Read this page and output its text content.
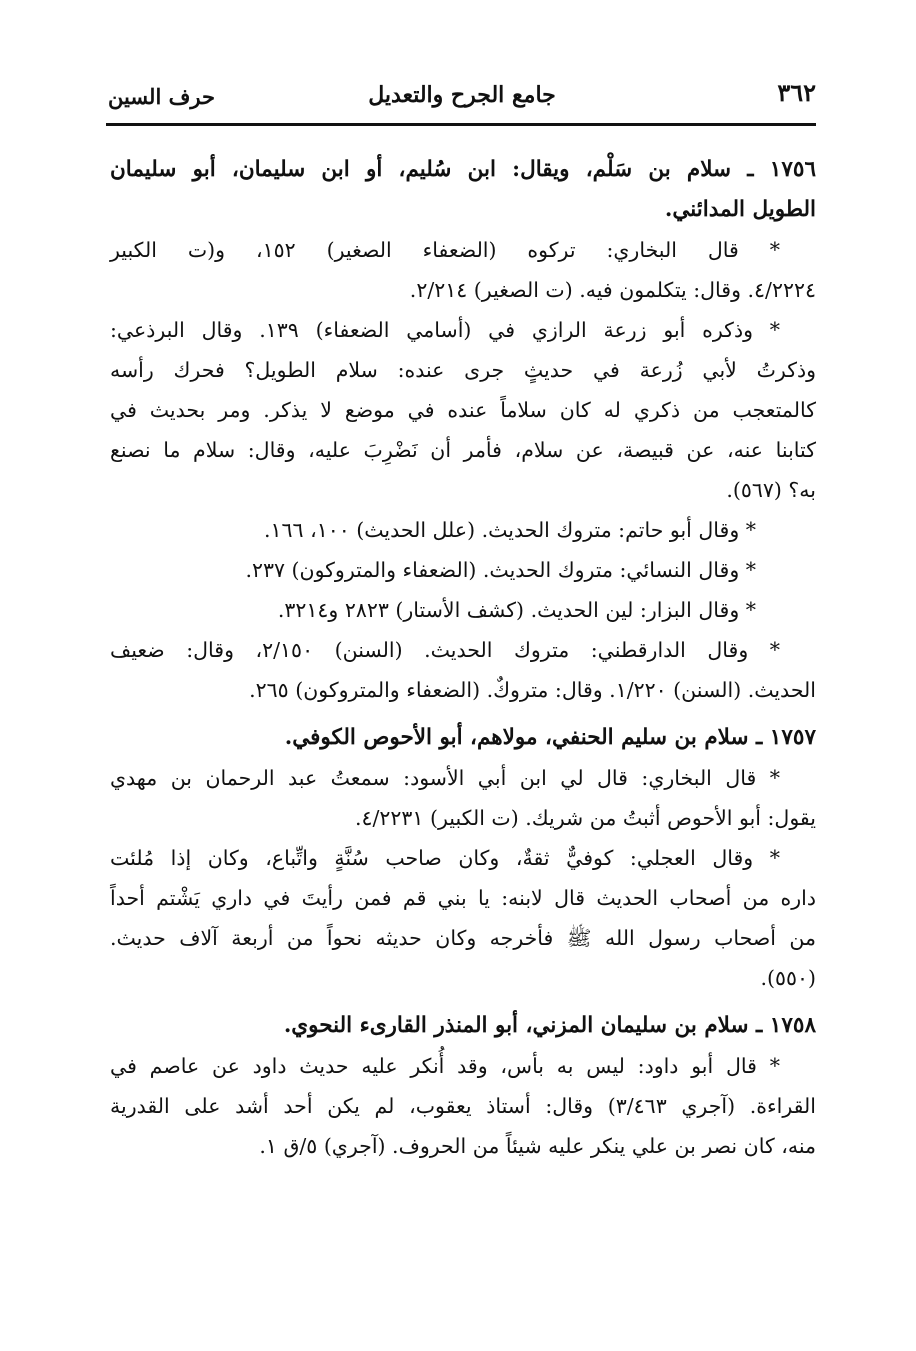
٣٦٢
جامع الجرح والتعديل
حرف السين
١٧٥٦ ـ سلام بن سَلْم، ويقال: ابن سُليم، أو ابن سليمان، أبو سليمان
الطويل المدائني.
* قال البخاري: تركوه (الضعفاء الصغير) ١٥٢، و(ت الكبير
٤/٢٢٢٤. وقال: يتكلمون فيه. (ت الصغير) ٢/٢١٤.
* وذكره أبو زرعة الرازي في (أسامي الضعفاء) ١٣٩. وقال البرذعي:
وذكرتُ لأبي زُرعة في حديثٍ جرى عنده: سلام الطويل؟ فحرك رأسه
كالمتعجب من ذكري له كان سلاماً عنده في موضع لا يذكر. ومر بحديث في
كتابنا عنه، عن قبيصة، عن سلام، فأمر أن نَضْرِبَ عليه، وقال: سلام ما نصنع
به؟ (٥٦٧).
* وقال أبو حاتم: متروك الحديث. (علل الحديث) ١٠٠، ١٦٦.
* وقال النسائي: متروك الحديث. (الضعفاء والمتروكون) ٢٣٧.
* وقال البزار: لين الحديث. (كشف الأستار) ٢٨٢٣ و٣٢١٤.
* وقال الدارقطني: متروك الحديث. (السنن) ٢/١٥٠، وقال: ضعيف
الحديث. (السنن) ١/٢٢٠. وقال: متروكٌ. (الضعفاء والمتروكون) ٢٦٥.
١٧٥٧ ـ سلام بن سليم الحنفي، مولاهم، أبو الأحوص الكوفي.
* قال البخاري: قال لي ابن أبي الأسود: سمعتُ عبد الرحمان بن مهدي
يقول: أبو الأحوص أثبتُ من شريك. (ت الكبير) ٤/٢٢٣١.
* وقال العجلي: كوفيٌّ ثقةٌ، وكان صاحب سُنَّةٍ واتِّباع، وكان إذا مُلئت
داره من أصحاب الحديث قال لابنه: يا بني قم فمن رأيتَ في داري يَشْتم أحداً
من أصحاب رسول الله ﷺ فأخرجه وكان حديثه نحواً من أربعة آلاف حديث.
(٥٥٠).
١٧٥٨ ـ سلام بن سليمان المزني، أبو المنذر القارىء النحوي.
* قال أبو داود: ليس به بأس، وقد أُنكر عليه حديث داود عن عاصم في
القراءة. (آجري ٣/٤٦٣) وقال: أستاذ يعقوب، لم يكن أحد أشد على القدرية
منه، كان نصر بن علي ينكر عليه شيئاً من الحروف. (آجري) ٥/ق ١.
